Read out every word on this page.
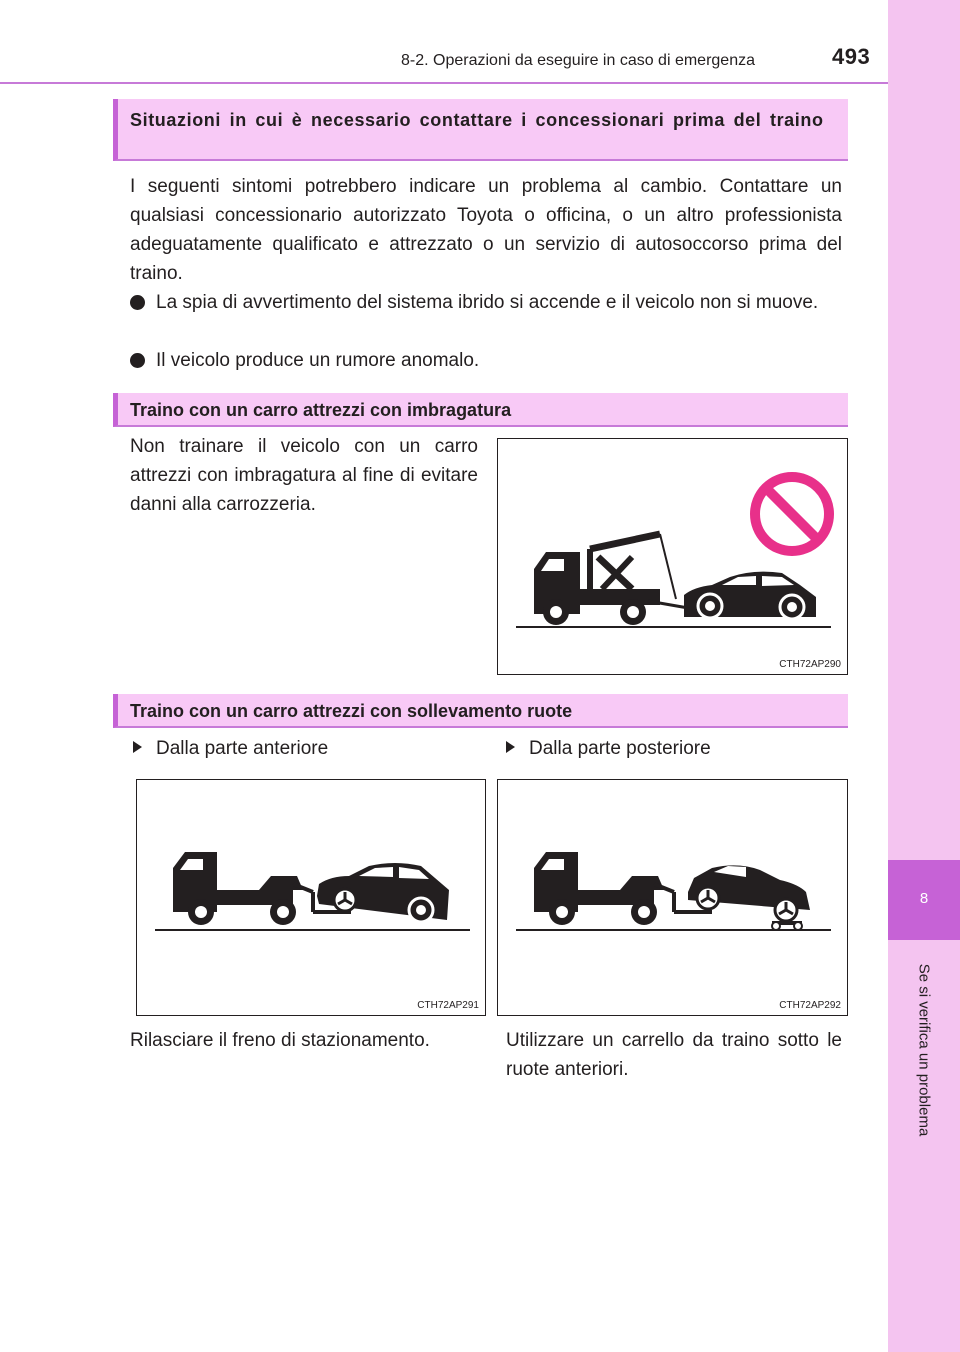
8-2. Operazioni da eseguire in caso di emergenza	493
8
Se si verifica un problema
Situazioni in cui è necessario contattare i concessionari prima del traino

I seguenti sintomi potrebbero indicare un problema al cambio. Contattare un qualsiasi concessionario autorizzato Toyota o officina, o un altro professionista adeguatamente qualificato e attrezzato o un servizio di autosoccorso prima del traino.

La spia di avvertimento del sistema ibrido si accende e il veicolo non si muove.
Il veicolo produce un rumore anomalo.
Traino con un carro attrezzi con imbragatura

Non trainare il veicolo con un carro attrezzi con imbragatura al fine di evitare danni alla carrozzeria.

CTH72AP290
Traino con un carro attrezzi con sollevamento ruote
Dalla parte anteriore	Dalla parte posteriore
CTH72AP291	CTH72AP292

Rilasciare il freno di stazionamento.	Utilizzare un carrello da traino sotto le ruote anteriori.
